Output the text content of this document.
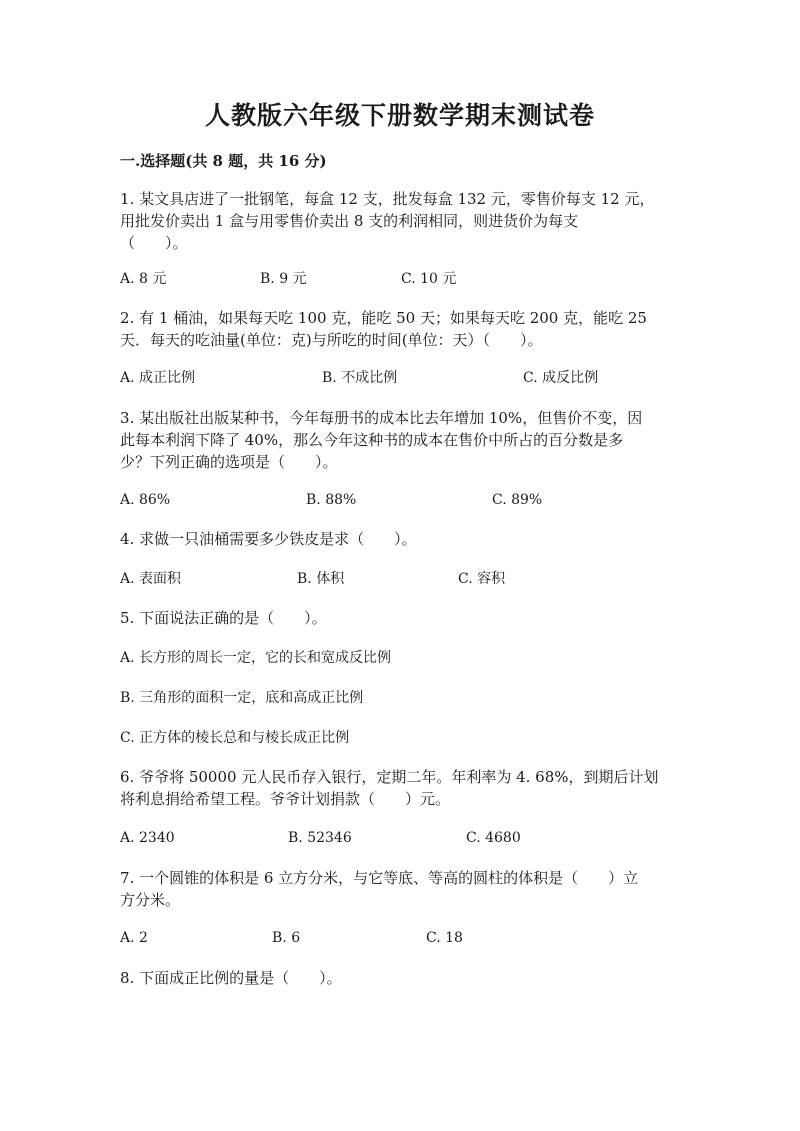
人教版六年级下册数学期末测试卷
一.选择题(共 8 题，共 16 分)
1. 某文具店进了一批钢笔，每盒 12 支，批发每盒 132 元，零售价每支 12 元，
用批发价卖出 1 盒与用零售价卖出 8 支的利润相同，则进货价为每支
（　　）。
A. 8 元	B. 9 元	C. 10 元
2. 有 1 桶油，如果每天吃 100 克，能吃 50 天；如果每天吃 200 克，能吃 25
天．每天的吃油量(单位：克)与所吃的时间(单位：天）（　　）。
A. 成正比例	B. 不成比例	C. 成反比例
3. 某出版社出版某种书，今年每册书的成本比去年增加 10%，但售价不变，因
此每本利润下降了 40%，那么今年这种书的成本在售价中所占的百分数是多
少？下列正确的选项是（　　）。
A. 86%	B. 88%	C. 89%
4. 求做一只油桶需要多少铁皮是求（　　）。
A. 表面积	B. 体积	C. 容积
5. 下面说法正确的是（　　）。
A. 长方形的周长一定，它的长和宽成反比例
B. 三角形的面积一定，底和高成正比例
C. 正方体的棱长总和与棱长成正比例
6. 爷爷将 50000 元人民币存入银行，定期二年。年利率为 4. 68%，到期后计划
将利息捐给希望工程。爷爷计划捐款（　　）元。
A. 2340	B. 52346	C. 4680
7. 一个圆锥的体积是 6 立方分米，与它等底、等高的圆柱的体积是（　　）立
方分米。
A. 2	B. 6	C. 18
8. 下面成正比例的量是（　　）。
